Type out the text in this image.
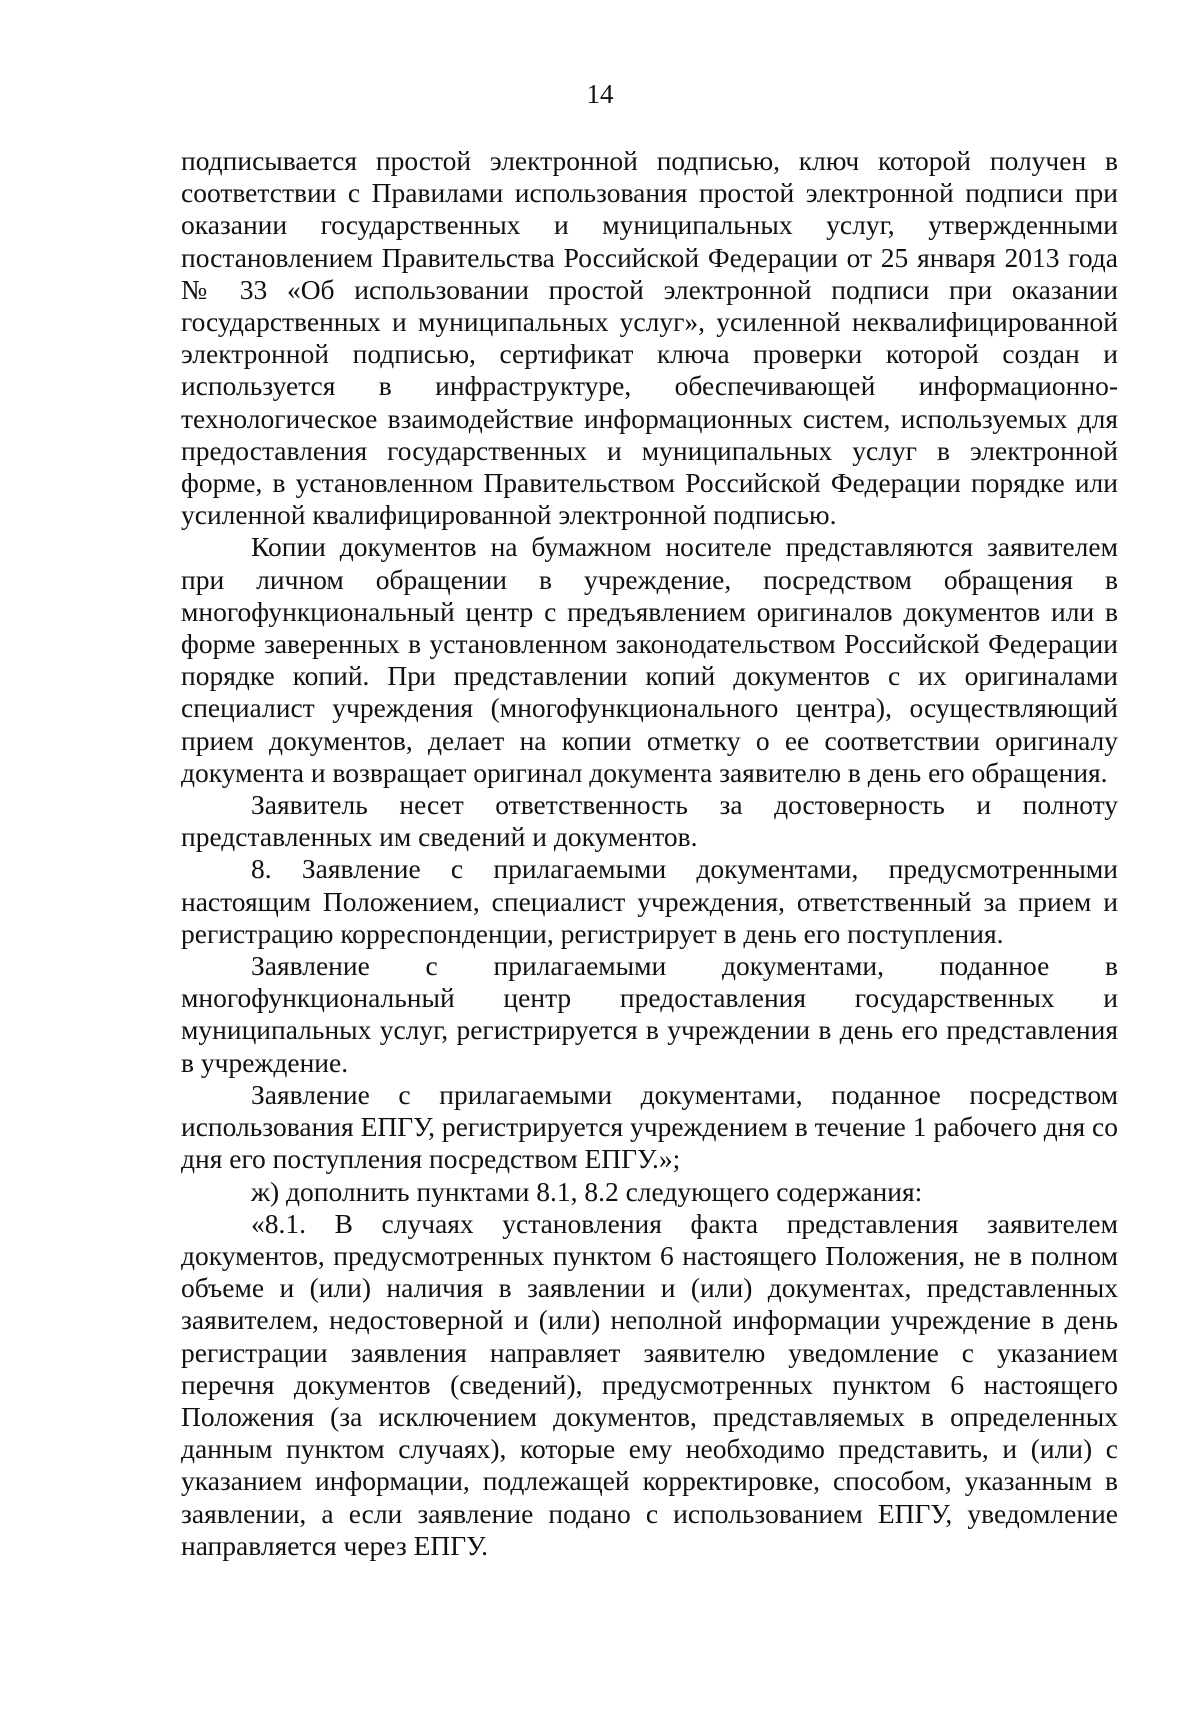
14

подписывается простой электронной подписью, ключ которой получен в соответствии с Правилами использования простой электронной подписи при оказании государственных и муниципальных услуг, утвержденными постановлением Правительства Российской Федерации от 25 января 2013 года № 33 «Об использовании простой электронной подписи при оказании государственных и муниципальных услуг», усиленной неквалифицированной электронной подписью, сертификат ключа проверки которой создан и используется в инфраструктуре, обеспечивающей информационно-технологическое взаимодействие информационных систем, используемых для предоставления государственных и муниципальных услуг в электронной форме, в установленном Правительством Российской Федерации порядке или усиленной квалифицированной электронной подписью.

Копии документов на бумажном носителе представляются заявителем при личном обращении в учреждение, посредством обращения в многофункциональный центр с предъявлением оригиналов документов или в форме заверенных в установленном законодательством Российской Федерации порядке копий. При представлении копий документов с их оригиналами специалист учреждения (многофункционального центра), осуществляющий прием документов, делает на копии отметку о ее соответствии оригиналу документа и возвращает оригинал документа заявителю в день его обращения.

Заявитель несет ответственность за достоверность и полноту представленных им сведений и документов.

8. Заявление с прилагаемыми документами, предусмотренными настоящим Положением, специалист учреждения, ответственный за прием и регистрацию корреспонденции, регистрирует в день его поступления.

Заявление с прилагаемыми документами, поданное в многофункциональный центр предоставления государственных и муниципальных услуг, регистрируется в учреждении в день его представления в учреждение.

Заявление с прилагаемыми документами, поданное посредством использования ЕПГУ, регистрируется учреждением в течение 1 рабочего дня со дня его поступления посредством ЕПГУ.»;

ж) дополнить пунктами 8.1, 8.2 следующего содержания:

«8.1. В случаях установления факта представления заявителем документов, предусмотренных пунктом 6 настоящего Положения, не в полном объеме и (или) наличия в заявлении и (или) документах, представленных заявителем, недостоверной и (или) неполной информации учреждение в день регистрации заявления направляет заявителю уведомление с указанием перечня документов (сведений), предусмотренных пунктом 6 настоящего Положения (за исключением документов, представляемых в определенных данным пунктом случаях), которые ему необходимо представить, и (или) с указанием информации, подлежащей корректировке, способом, указанным в заявлении, а если заявление подано с использованием ЕПГУ, уведомление направляется через ЕПГУ.
